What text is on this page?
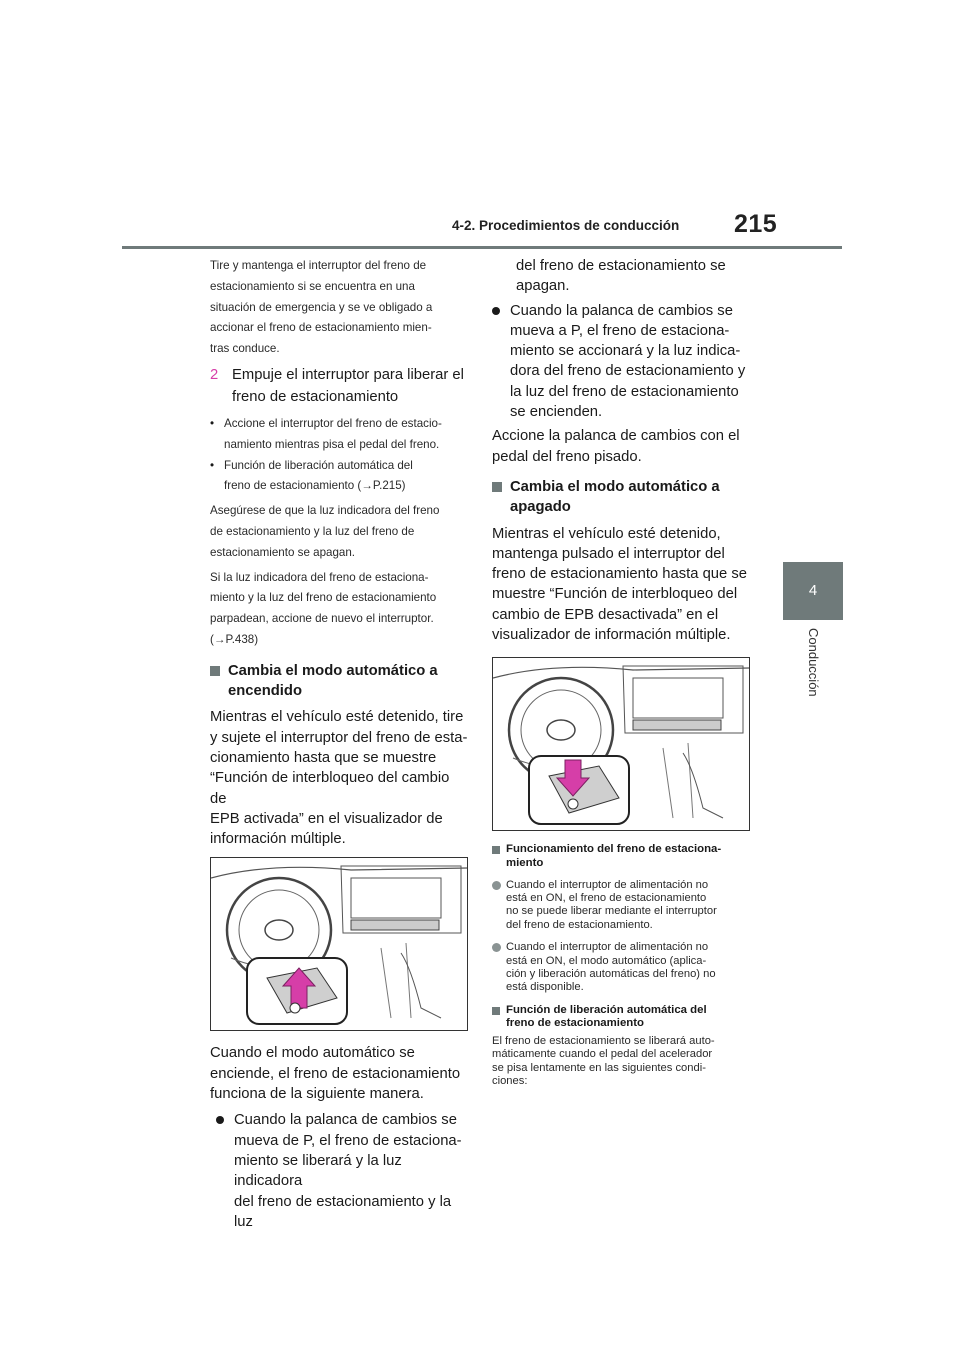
4-2. Procedimientos de conducción 215
4
Conducción

Tire y mantenga el interruptor del freno de

estacionamiento si se encuentra en una

situación de emergencia y se ve obligado a

accionar el freno de estacionamiento mien-

tras conduce.

2 Empuje el interruptor para liberar el

freno de estacionamiento

• Accione el interruptor del freno de estacio-

namiento mientras pisa el pedal del freno.

• Función de liberación automática del

freno de estacionamiento (→P.215)

Asegúrese de que la luz indicadora del freno

de estacionamiento y la luz del freno de

estacionamiento se apagan.

Si la luz indicadora del freno de estaciona-

miento y la luz del freno de estacionamiento

parpadean, accione de nuevo el interruptor.

(→P.438)

Cambia el modo automático a

encendido

Mientras el vehículo esté detenido, tire

y sujete el interruptor del freno de esta-

cionamiento hasta que se muestre

“Función de interbloqueo del cambio de

EPB activada” en el visualizador de

información múltiple.

Cuando el modo automático se

enciende, el freno de estacionamiento

funciona de la siguiente manera.

Cuando la palanca de cambios se

mueva de P, el freno de estaciona-

miento se liberará y la luz indicadora

del freno de estacionamiento y la luz

del freno de estacionamiento se

apagan.

Cuando la palanca de cambios se

mueva a P, el freno de estaciona-

miento se accionará y la luz indica-

dora del freno de estacionamiento y

la luz del freno de estacionamiento

se encienden.

Accione la palanca de cambios con el

pedal del freno pisado.

Cambia el modo automático a

apagado

Mientras el vehículo esté detenido,

mantenga pulsado el interruptor del

freno de estacionamiento hasta que se

muestre “Función de interbloqueo del

cambio de EPB desactivada” en el

visualizador de información múltiple.

Funcionamiento del freno de estaciona-

miento

Cuando el interruptor de alimentación no

está en ON, el freno de estacionamiento

no se puede liberar mediante el interruptor

del freno de estacionamiento.

Cuando el interruptor de alimentación no

está en ON, el modo automático (aplica-

ción y liberación automáticas del freno) no

está disponible.

Función de liberación automática del

freno de estacionamiento

El freno de estacionamiento se liberará auto-

máticamente cuando el pedal del acelerador

se pisa lentamente en las siguientes condi-

ciones:
